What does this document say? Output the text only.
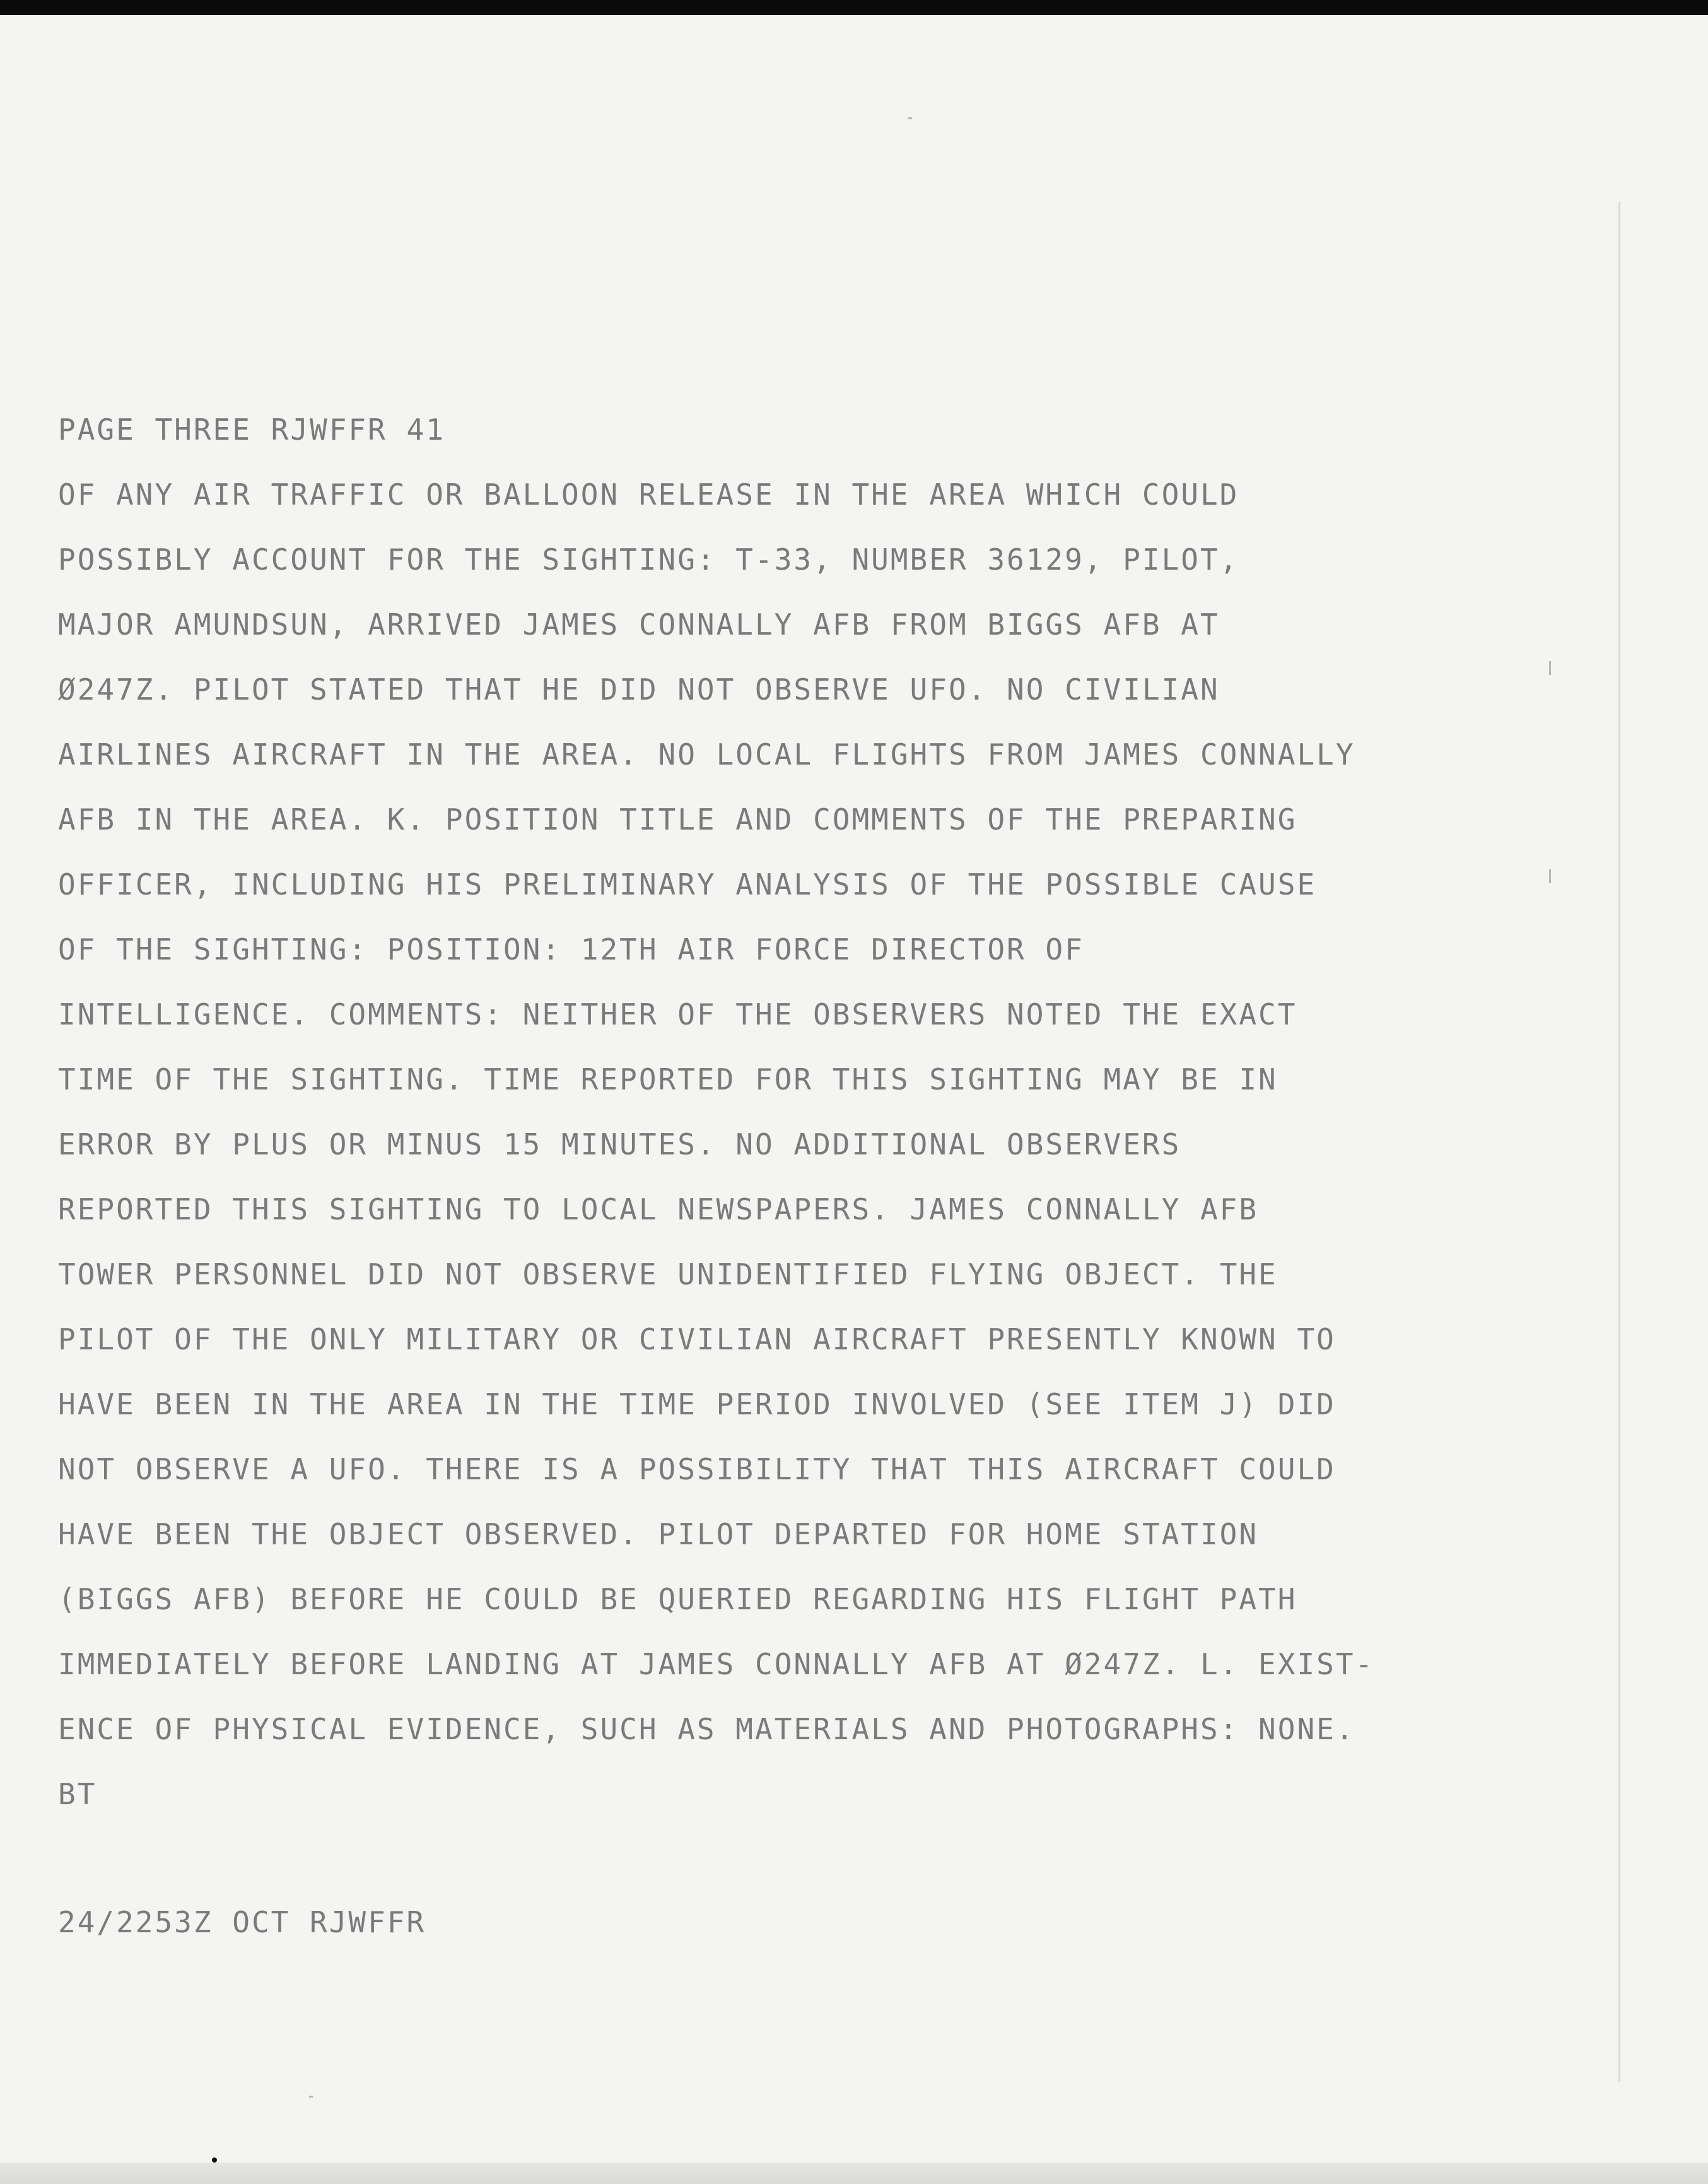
PAGE THREE RJWFFR 41
OF ANY AIR TRAFFIC OR BALLOON RELEASE IN THE AREA WHICH COULD
POSSIBLY ACCOUNT FOR THE SIGHTING: T-33, NUMBER 36129, PILOT,
MAJOR AMUNDSUN, ARRIVED JAMES CONNALLY AFB FROM BIGGS AFB AT
Ø247Z. PILOT STATED THAT HE DID NOT OBSERVE UFO. NO CIVILIAN
AIRLINES AIRCRAFT IN THE AREA. NO LOCAL FLIGHTS FROM JAMES CONNALLY
AFB IN THE AREA. K. POSITION TITLE AND COMMENTS OF THE PREPARING
OFFICER, INCLUDING HIS PRELIMINARY ANALYSIS OF THE POSSIBLE CAUSE
OF THE SIGHTING: POSITION: 12TH AIR FORCE DIRECTOR OF
INTELLIGENCE. COMMENTS: NEITHER OF THE OBSERVERS NOTED THE EXACT
TIME OF THE SIGHTING. TIME REPORTED FOR THIS SIGHTING MAY BE IN
ERROR BY PLUS OR MINUS 15 MINUTES. NO ADDITIONAL OBSERVERS
REPORTED THIS SIGHTING TO LOCAL NEWSPAPERS. JAMES CONNALLY AFB
TOWER PERSONNEL DID NOT OBSERVE UNIDENTIFIED FLYING OBJECT. THE
PILOT OF THE ONLY MILITARY OR CIVILIAN AIRCRAFT PRESENTLY KNOWN TO
HAVE BEEN IN THE AREA IN THE TIME PERIOD INVOLVED (SEE ITEM J) DID
NOT OBSERVE A UFO. THERE IS A POSSIBILITY THAT THIS AIRCRAFT COULD
HAVE BEEN THE OBJECT OBSERVED. PILOT DEPARTED FOR HOME STATION
(BIGGS AFB) BEFORE HE COULD BE QUERIED REGARDING HIS FLIGHT PATH
IMMEDIATELY BEFORE LANDING AT JAMES CONNALLY AFB AT Ø247Z. L. EXIST-
ENCE OF PHYSICAL EVIDENCE, SUCH AS MATERIALS AND PHOTOGRAPHS: NONE.
BT
24/2253Z OCT RJWFFR
